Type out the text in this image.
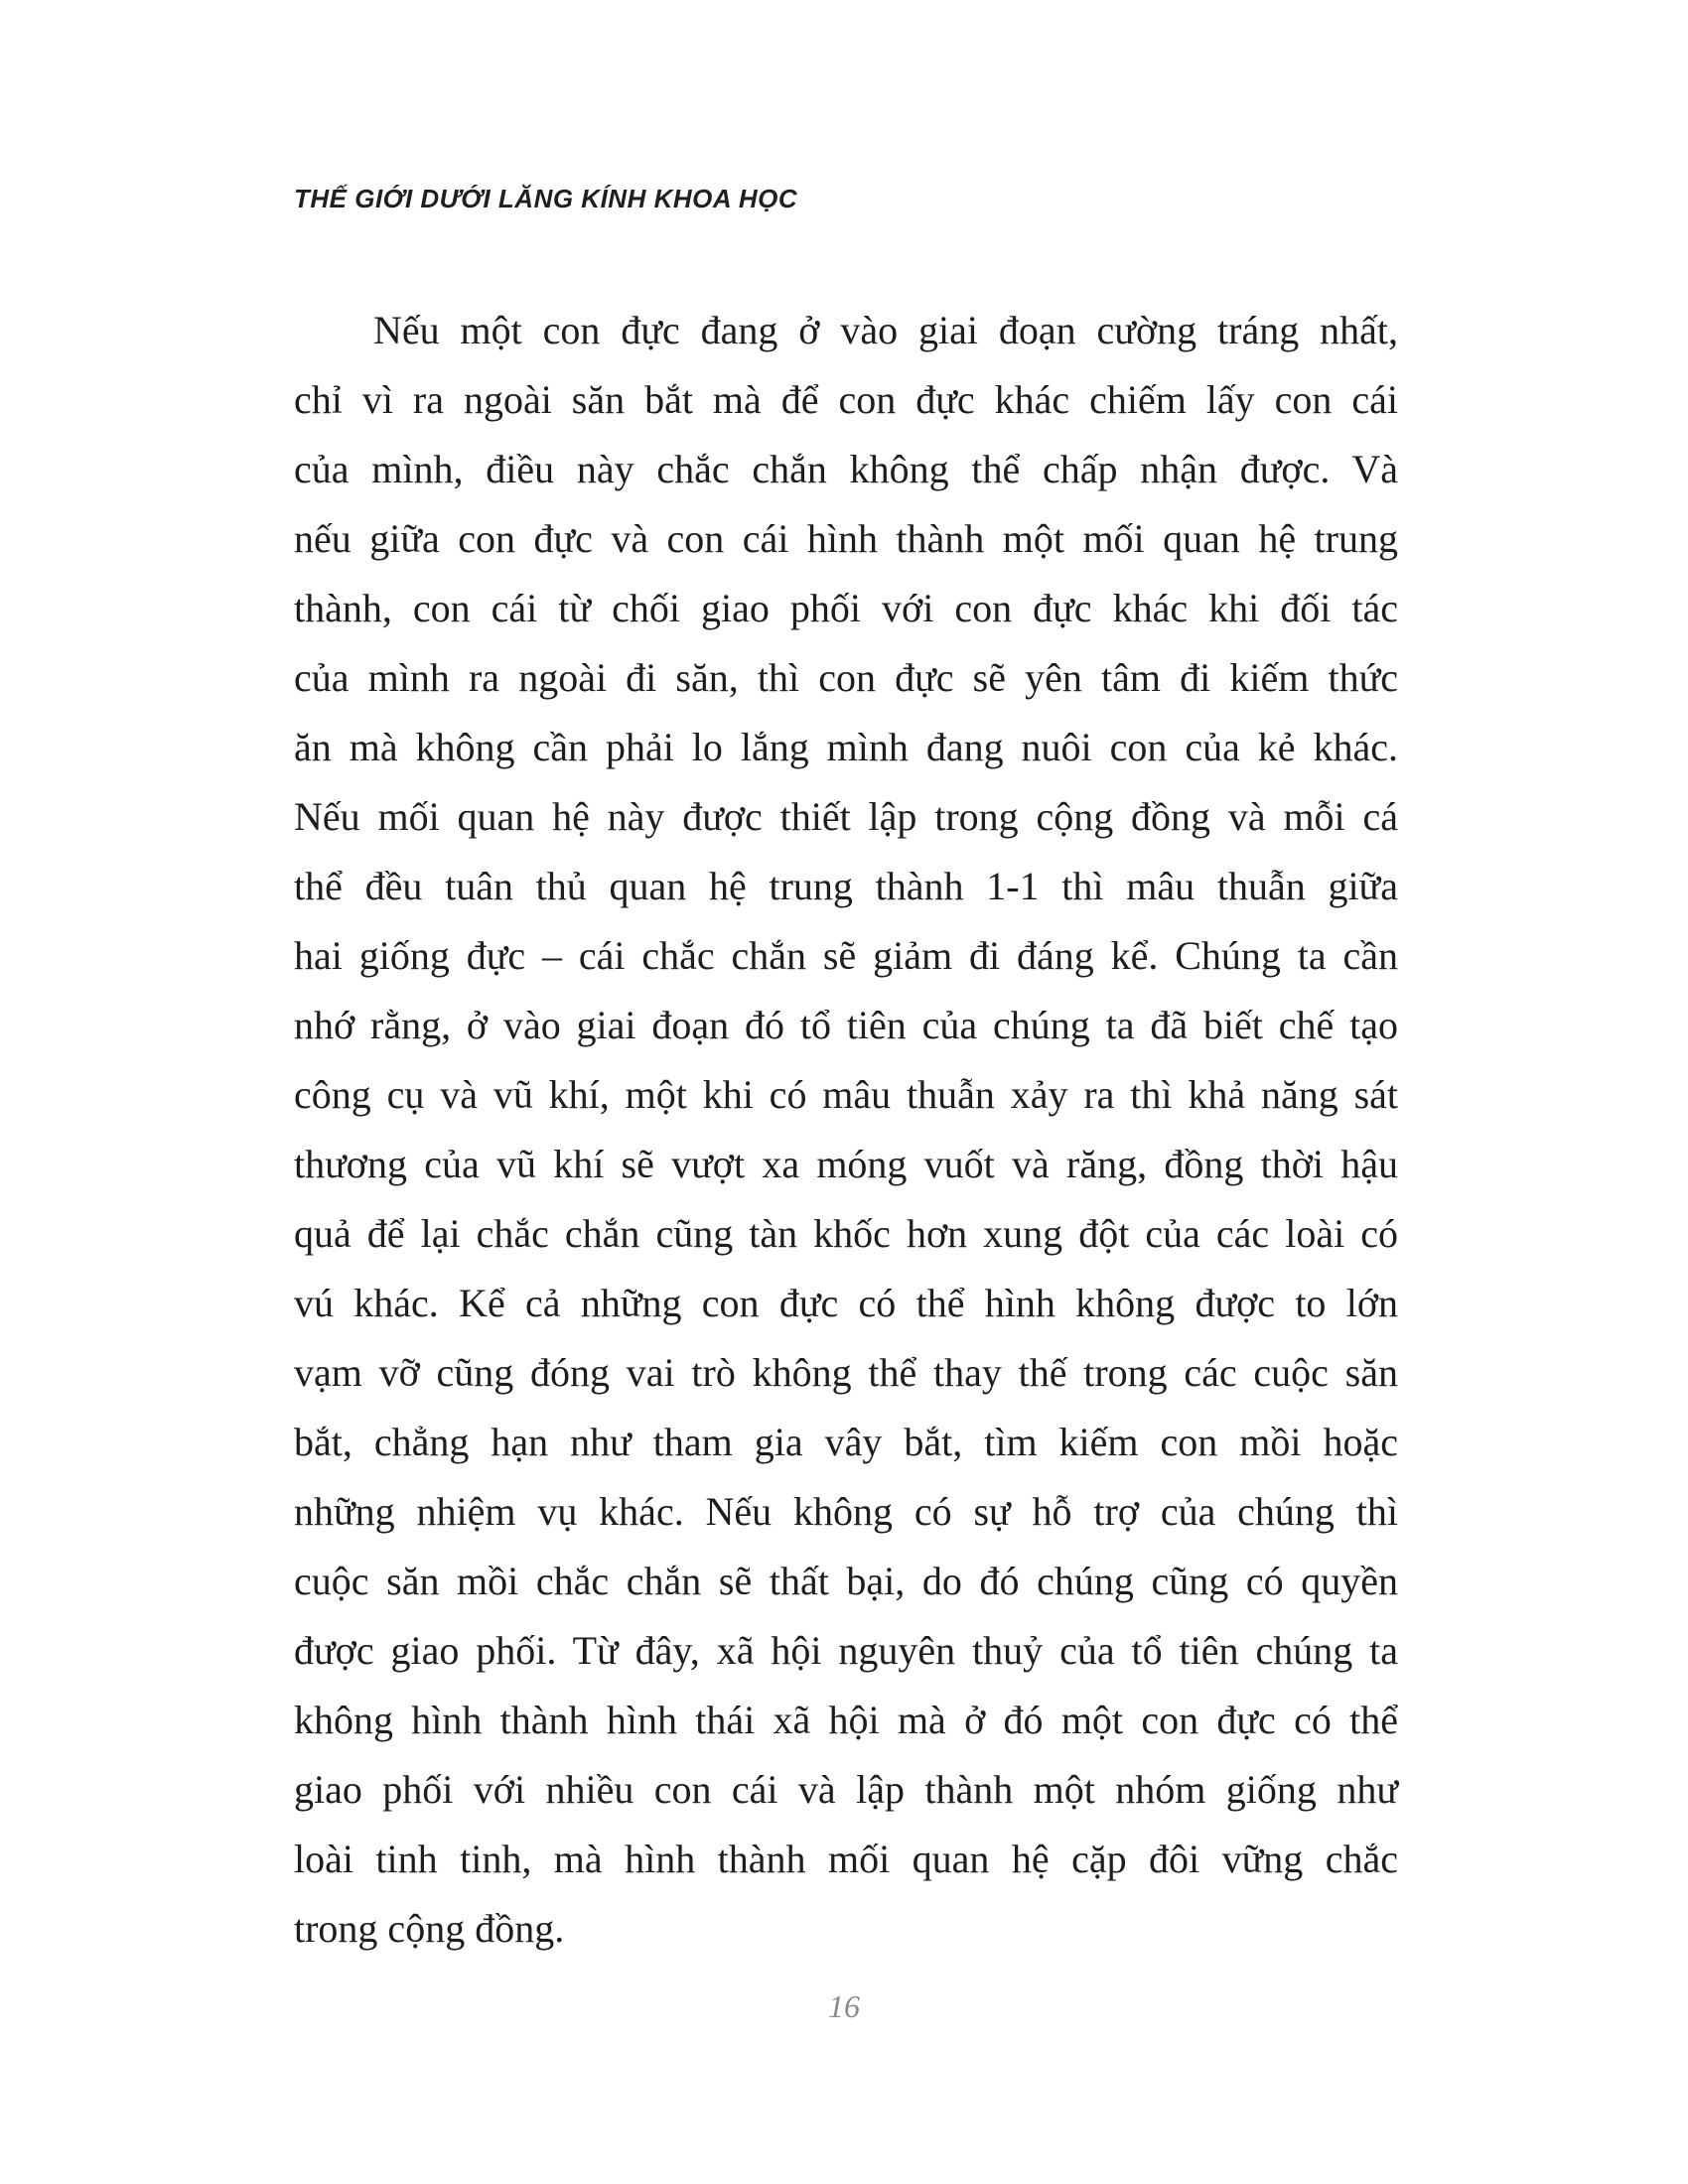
THẾ GIỚI DƯỚI LĂNG KÍNH KHOA HỌC
Nếu một con đực đang ở vào giai đoạn cường tráng nhất,
chỉ vì ra ngoài săn bắt mà để con đực khác chiếm lấy con cái
của mình, điều này chắc chắn không thể chấp nhận được. Và
nếu giữa con đực và con cái hình thành một mối quan hệ trung
thành, con cái từ chối giao phối với con đực khác khi đối tác
của mình ra ngoài đi săn, thì con đực sẽ yên tâm đi kiếm thức
ăn mà không cần phải lo lắng mình đang nuôi con của kẻ khác.
Nếu mối quan hệ này được thiết lập trong cộng đồng và mỗi cá
thể đều tuân thủ quan hệ trung thành 1-1 thì mâu thuẫn giữa
hai giống đực – cái chắc chắn sẽ giảm đi đáng kể. Chúng ta cần
nhớ rằng, ở vào giai đoạn đó tổ tiên của chúng ta đã biết chế tạo
công cụ và vũ khí, một khi có mâu thuẫn xảy ra thì khả năng sát
thương của vũ khí sẽ vượt xa móng vuốt và răng, đồng thời hậu
quả để lại chắc chắn cũng tàn khốc hơn xung đột của các loài có
vú khác. Kể cả những con đực có thể hình không được to lớn
vạm vỡ cũng đóng vai trò không thể thay thế trong các cuộc săn
bắt, chẳng hạn như tham gia vây bắt, tìm kiếm con mồi hoặc
những nhiệm vụ khác. Nếu không có sự hỗ trợ của chúng thì
cuộc săn mồi chắc chắn sẽ thất bại, do đó chúng cũng có quyền
được giao phối. Từ đây, xã hội nguyên thuỷ của tổ tiên chúng ta
không hình thành hình thái xã hội mà ở đó một con đực có thể
giao phối với nhiều con cái và lập thành một nhóm giống như
loài tinh tinh, mà hình thành mối quan hệ cặp đôi vững chắc
trong cộng đồng.
16
